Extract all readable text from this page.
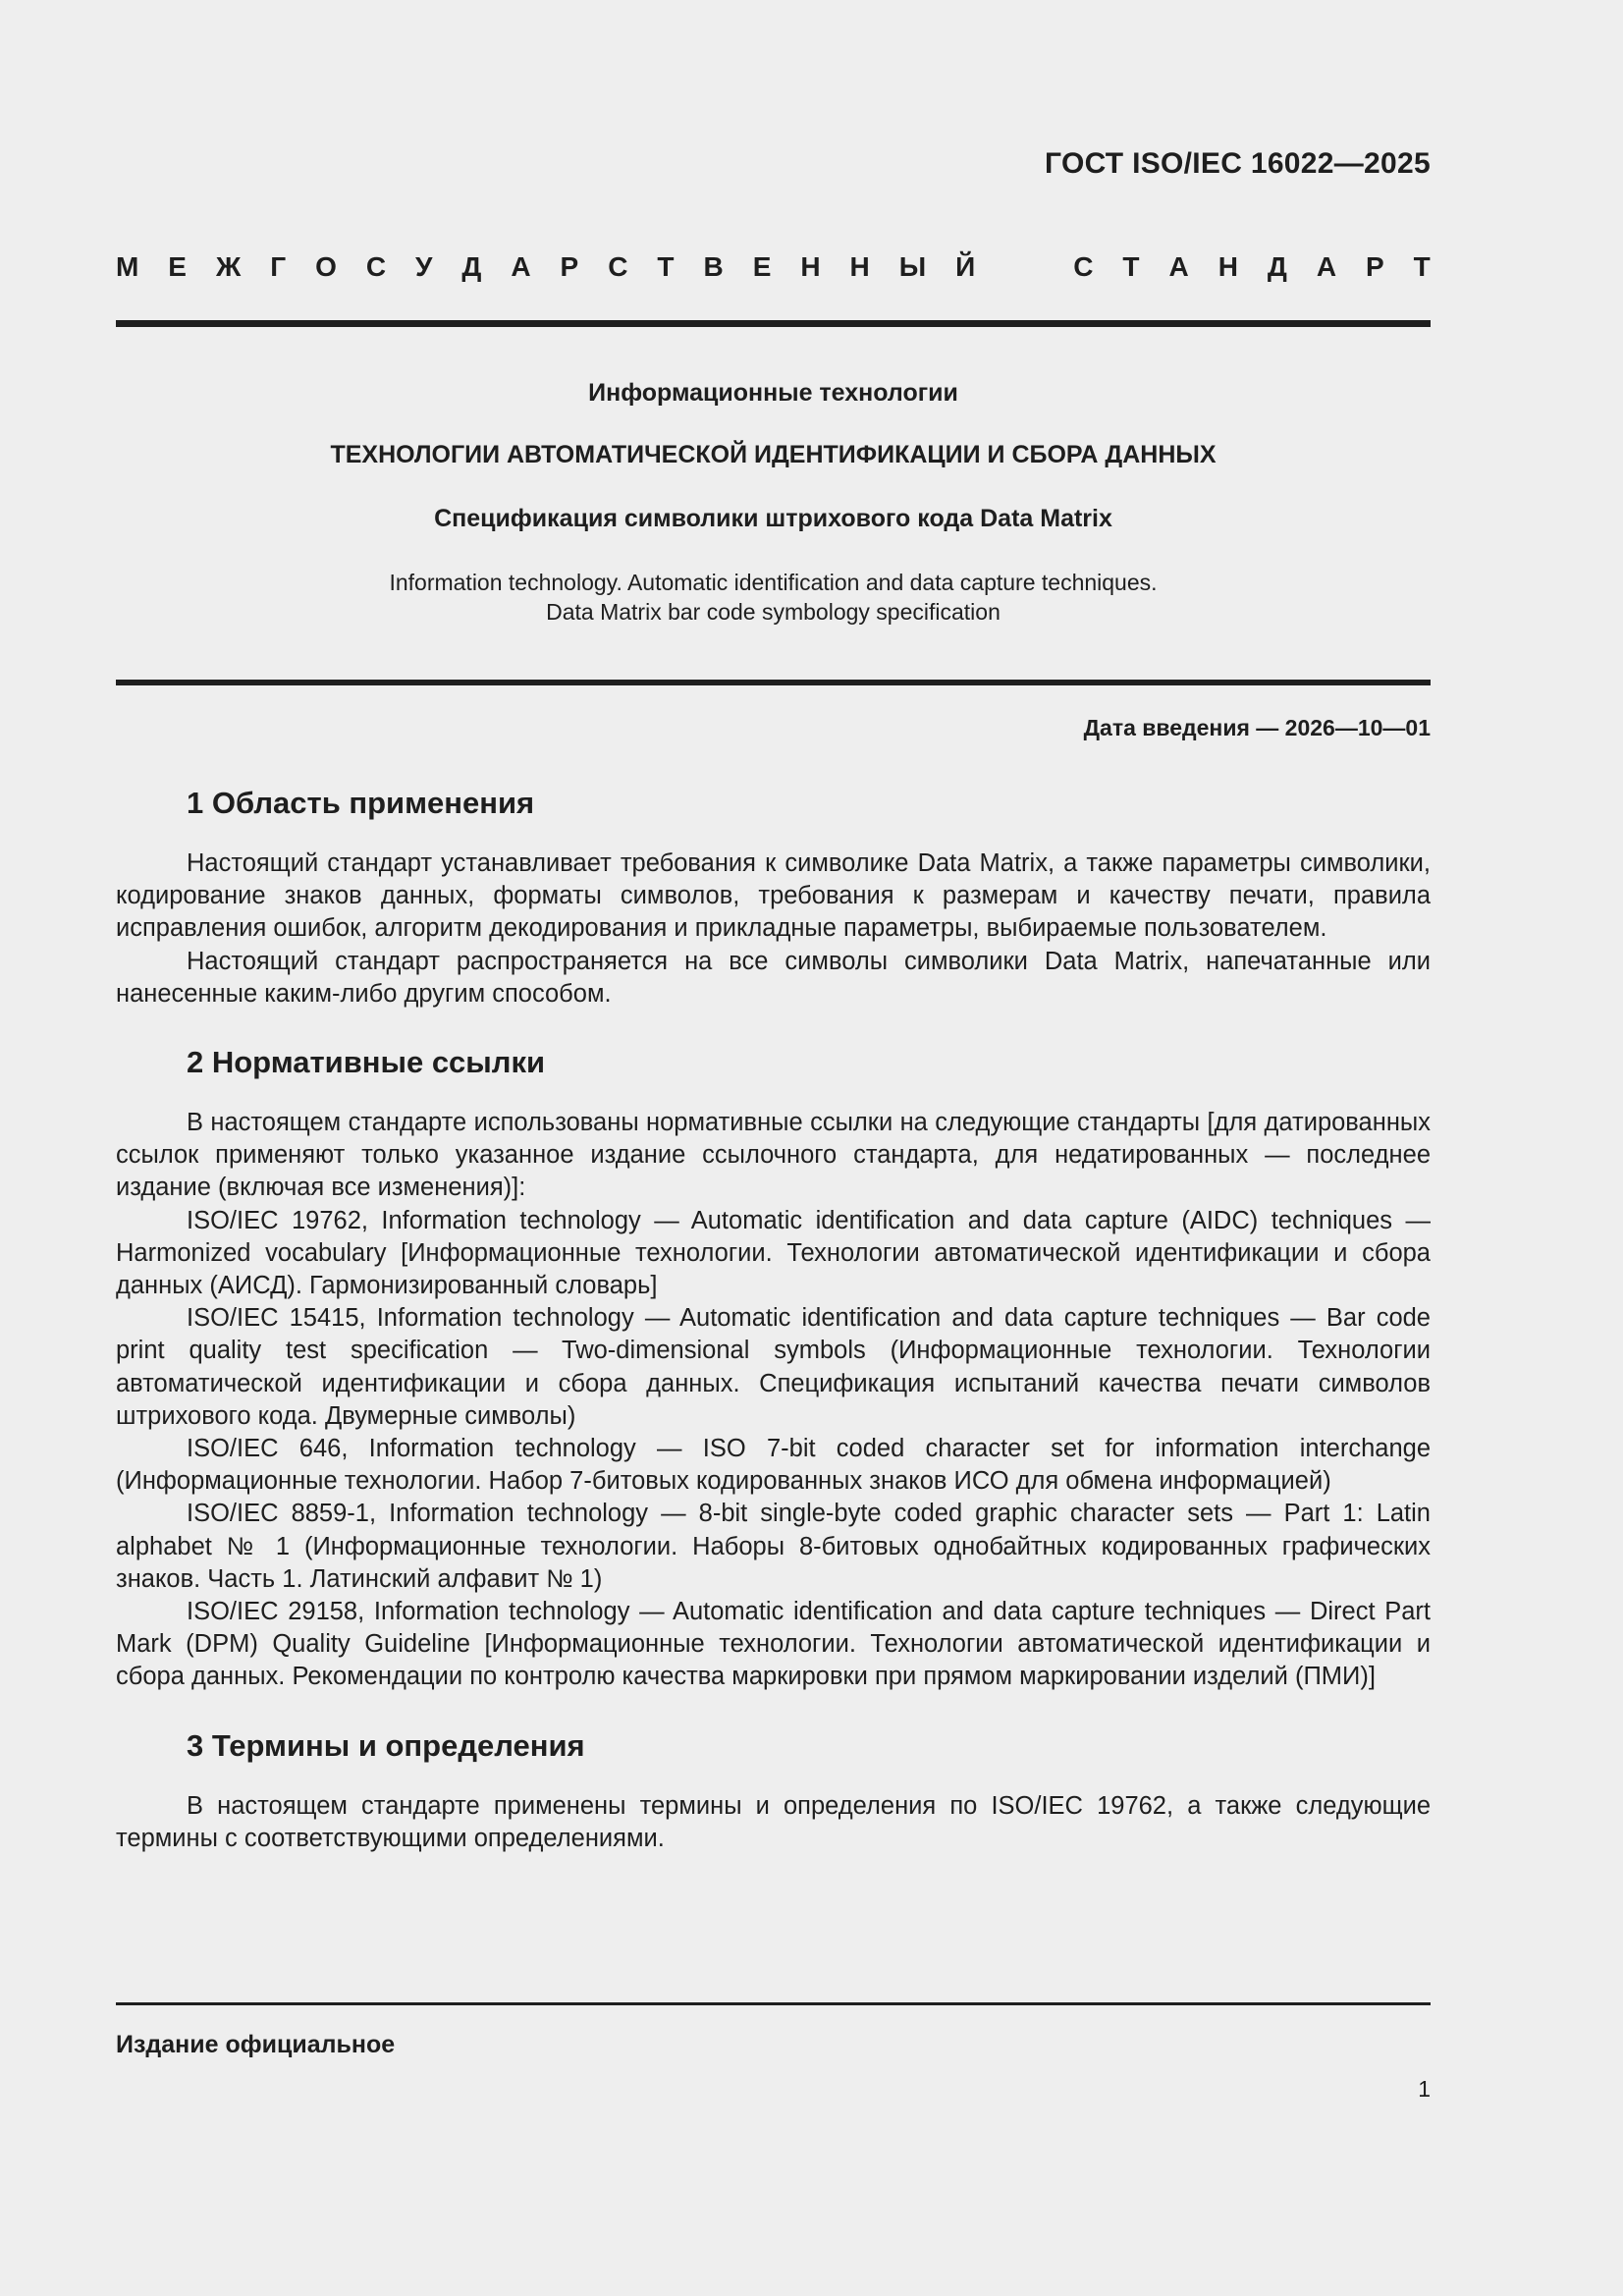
ГОСТ ISO/IEC 16022—2025
М Е Ж Г О С У Д А Р С Т В Е Н Н Ы Й	С Т А Н Д А Р Т
Информационные технологии
ТЕХНОЛОГИИ АВТОМАТИЧЕСКОЙ ИДЕНТИФИКАЦИИ И СБОРА ДАННЫХ
Спецификация символики штрихового кода Data Matrix
Information technology. Automatic identification and data capture techniques.
Data Matrix bar code symbology specification
Дата введения — 2026—10—01
1 Область применения

Настоящий стандарт устанавливает требования к символике Data Matrix, а также параметры символики, кодирование знаков данных, форматы символов, требования к размерам и качеству печати, правила исправления ошибок, алгоритм декодирования и прикладные параметры, выбираемые пользователем.

Настоящий стандарт распространяется на все символы символики Data Matrix, напечатанные или нанесенные каким-либо другим способом.

2 Нормативные ссылки

В настоящем стандарте использованы нормативные ссылки на следующие стандарты [для датированных ссылок применяют только указанное издание ссылочного стандарта, для недатированных — последнее издание (включая все изменения)]:

ISO/IEC 19762, Information technology — Automatic identification and data capture (AIDC) techniques — Harmonized vocabulary [Информационные технологии. Технологии автоматической идентификации и сбора данных (АИСД). Гармонизированный словарь]

ISO/IEC 15415, Information technology — Automatic identification and data capture techniques — Bar code print quality test specification — Two-dimensional symbols (Информационные технологии. Технологии автоматической идентификации и сбора данных. Спецификация испытаний качества печати символов штрихового кода. Двумерные символы)

ISO/IEC 646, Information technology — ISO 7-bit coded character set for information interchange (Информационные технологии. Набор 7-битовых кодированных знаков ИСО для обмена информацией)

ISO/IEC 8859-1, Information technology — 8-bit single-byte coded graphic character sets — Part 1: Latin alphabet № 1 (Информационные технологии. Наборы 8-битовых однобайтных кодированных графических знаков. Часть 1. Латинский алфавит № 1)

ISO/IEC 29158, Information technology — Automatic identification and data capture techniques — Direct Part Mark (DPM) Quality Guideline [Информационные технологии. Технологии автоматической идентификации и сбора данных. Рекомендации по контролю качества маркировки при прямом маркировании изделий (ПМИ)]

3 Термины и определения

В настоящем стандарте применены термины и определения по ISO/IEC 19762, а также следующие термины с соответствующими определениями.

Издание официальное
1
